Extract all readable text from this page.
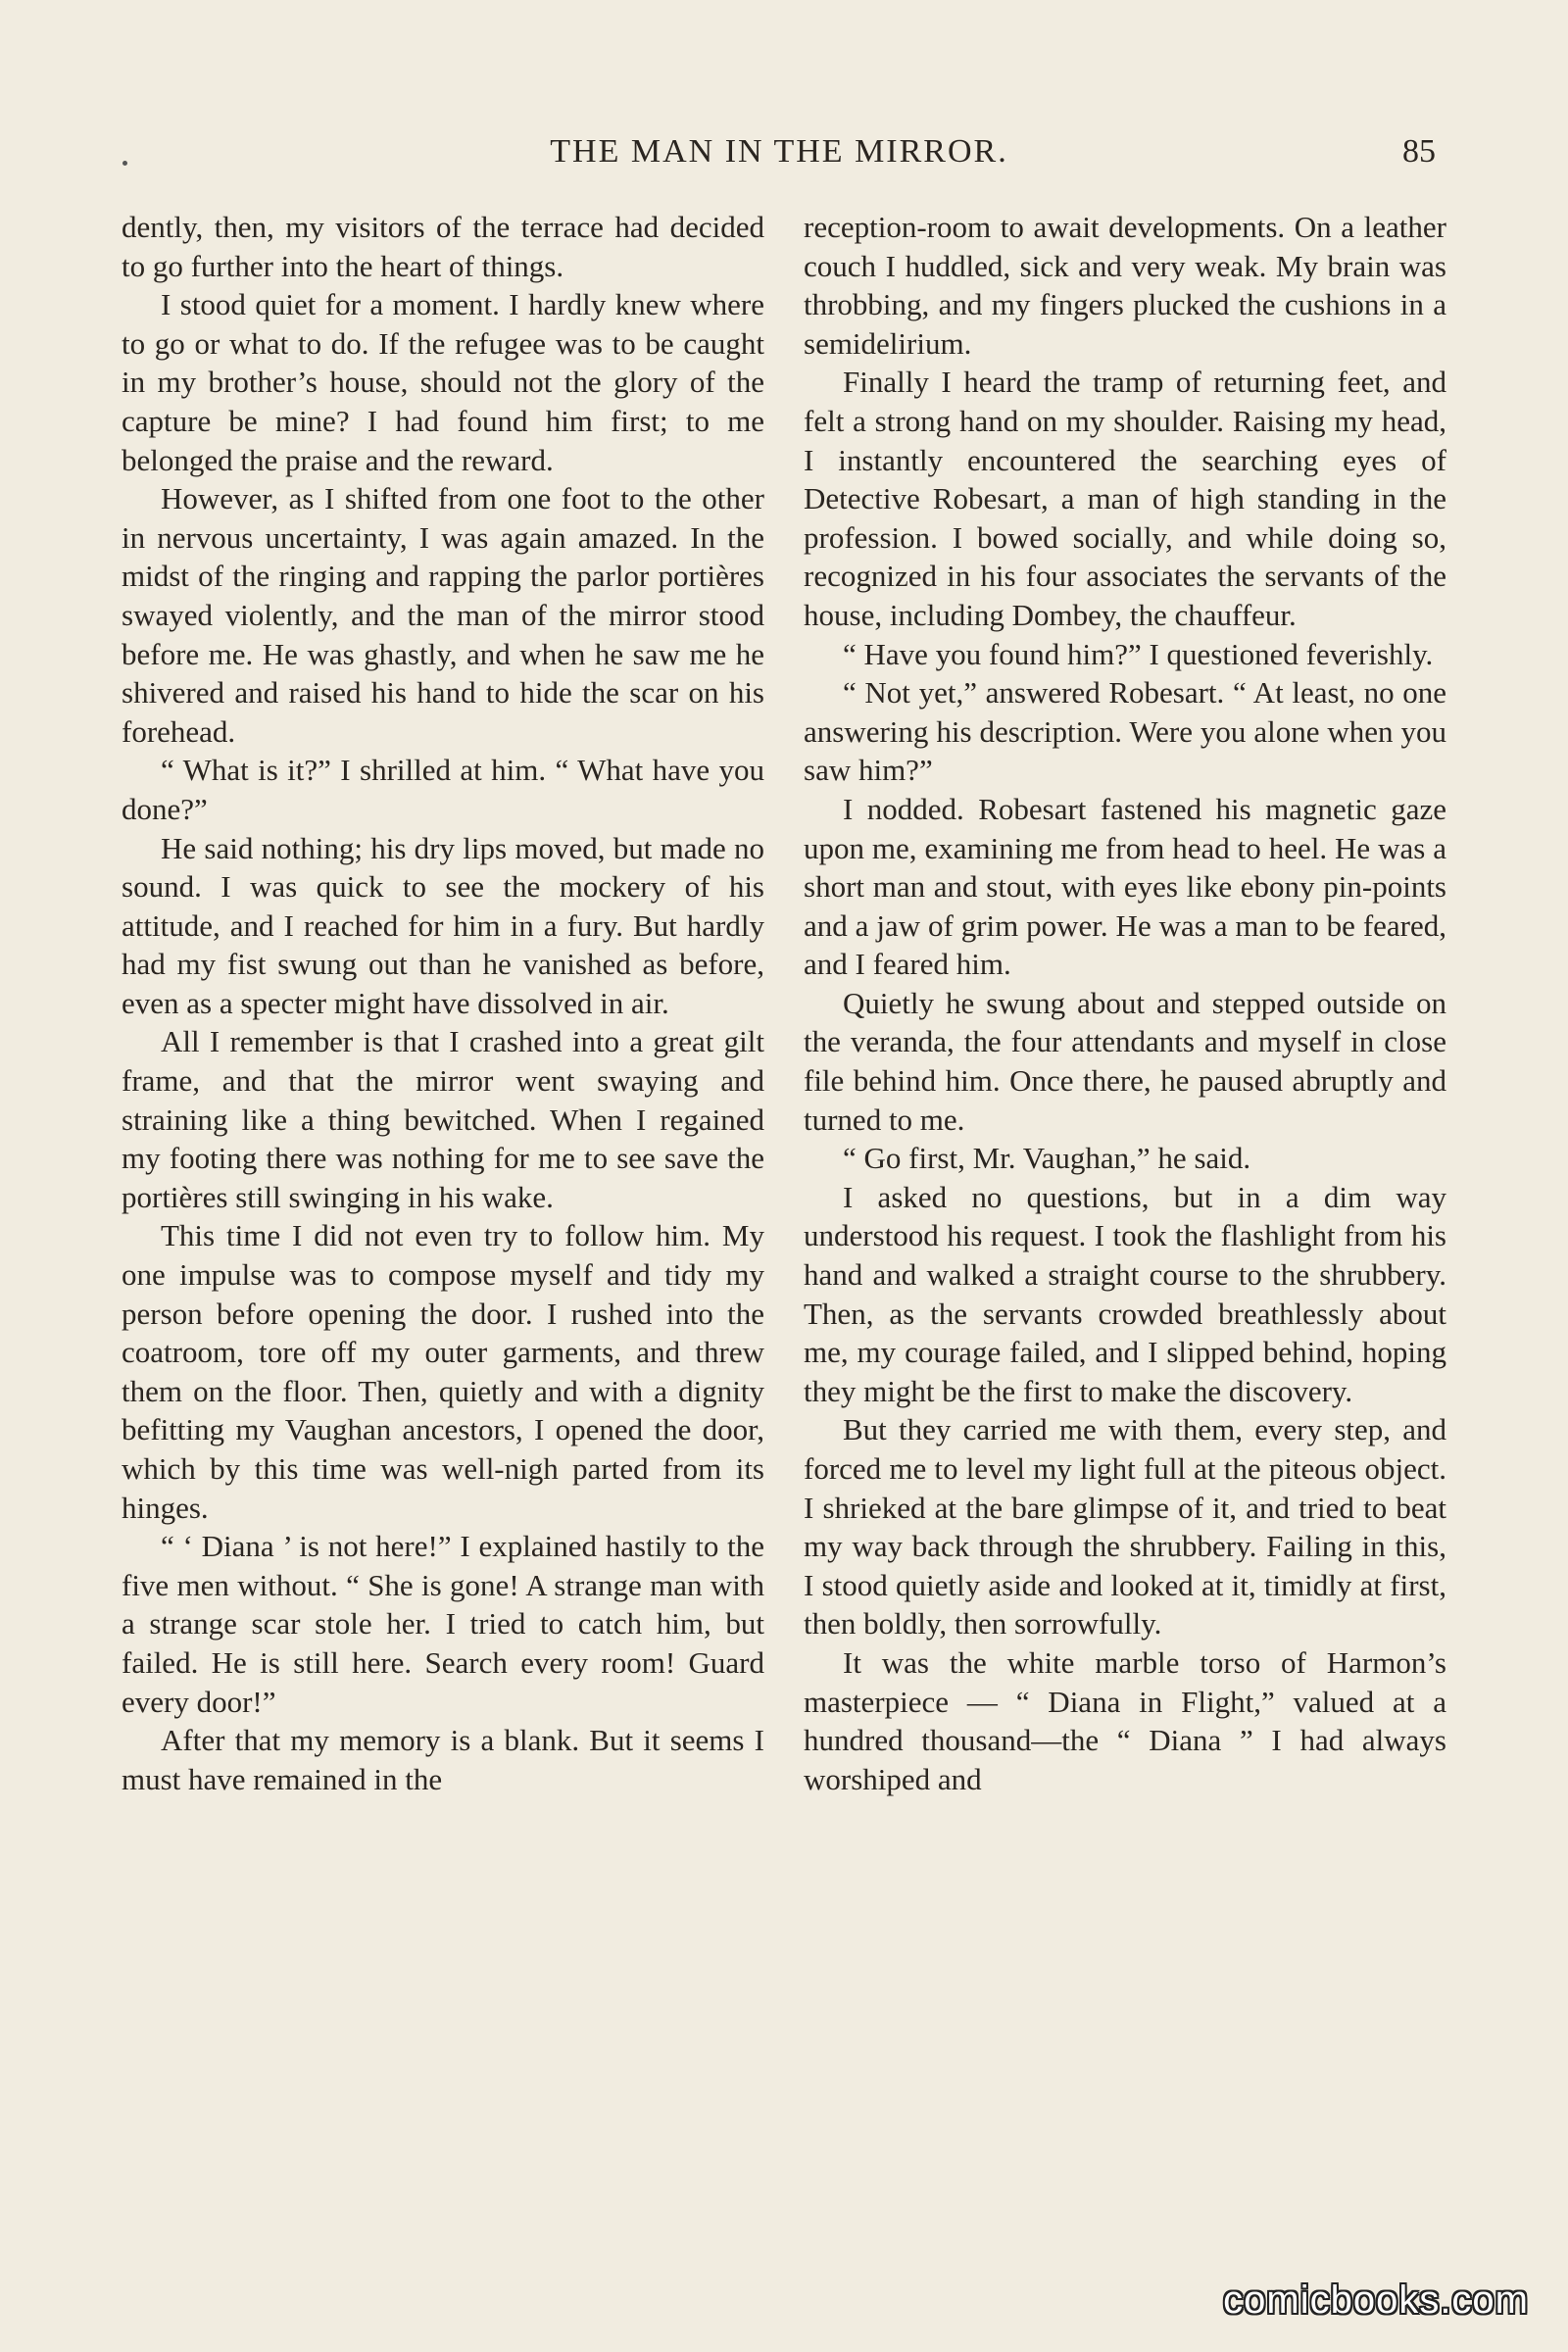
THE MAN IN THE MIRROR.	85

dently, then, my visitors of the terrace had decided to go further into the heart of things.

I stood quiet for a moment. I hardly knew where to go or what to do. If the refugee was to be caught in my brother’s house, should not the glory of the capture be mine? I had found him first; to me belonged the praise and the reward.

However, as I shifted from one foot to the other in nervous uncertainty, I was again amazed. In the midst of the ringing and rapping the parlor portières swayed violently, and the man of the mirror stood before me. He was ghastly, and when he saw me he shivered and raised his hand to hide the scar on his forehead.

“ What is it?” I shrilled at him. “ What have you done?”

He said nothing; his dry lips moved, but made no sound. I was quick to see the mockery of his attitude, and I reached for him in a fury. But hardly had my fist swung out than he vanished as before, even as a specter might have dissolved in air.

All I remember is that I crashed into a great gilt frame, and that the mirror went swaying and straining like a thing bewitched. When I regained my footing there was nothing for me to see save the portières still swinging in his wake.

This time I did not even try to follow him. My one impulse was to compose myself and tidy my person before opening the door. I rushed into the coatroom, tore off my outer garments, and threw them on the floor. Then, quietly and with a dignity befitting my Vaughan ancestors, I opened the door, which by this time was well-nigh parted from its hinges.

“ ‘ Diana ’ is not here!” I explained hastily to the five men without. “ She is gone! A strange man with a strange scar stole her. I tried to catch him, but failed. He is still here. Search every room! Guard every door!”

After that my memory is a blank. But it seems I must have remained in the

reception-room to await developments. On a leather couch I huddled, sick and very weak. My brain was throbbing, and my fingers plucked the cushions in a semidelirium.

Finally I heard the tramp of returning feet, and felt a strong hand on my shoulder. Raising my head, I instantly encountered the searching eyes of Detective Robesart, a man of high standing in the profession. I bowed socially, and while doing so, recognized in his four associates the servants of the house, including Dombey, the chauffeur.

“ Have you found him?” I questioned feverishly.

“ Not yet,” answered Robesart. “ At least, no one answering his description. Were you alone when you saw him?”

I nodded. Robesart fastened his magnetic gaze upon me, examining me from head to heel. He was a short man and stout, with eyes like ebony pin-points and a jaw of grim power. He was a man to be feared, and I feared him.

Quietly he swung about and stepped outside on the veranda, the four attendants and myself in close file behind him. Once there, he paused abruptly and turned to me.

“ Go first, Mr. Vaughan,” he said.

I asked no questions, but in a dim way understood his request. I took the flashlight from his hand and walked a straight course to the shrubbery. Then, as the servants crowded breathlessly about me, my courage failed, and I slipped behind, hoping they might be the first to make the discovery.

But they carried me with them, every step, and forced me to level my light full at the piteous object. I shrieked at the bare glimpse of it, and tried to beat my way back through the shrubbery. Failing in this, I stood quietly aside and looked at it, timidly at first, then boldly, then sorrowfully.

It was the white marble torso of Harmon’s masterpiece — “ Diana in Flight,” valued at a hundred thousand—the “ Diana ” I had always worshiped and

comicbooks.com
